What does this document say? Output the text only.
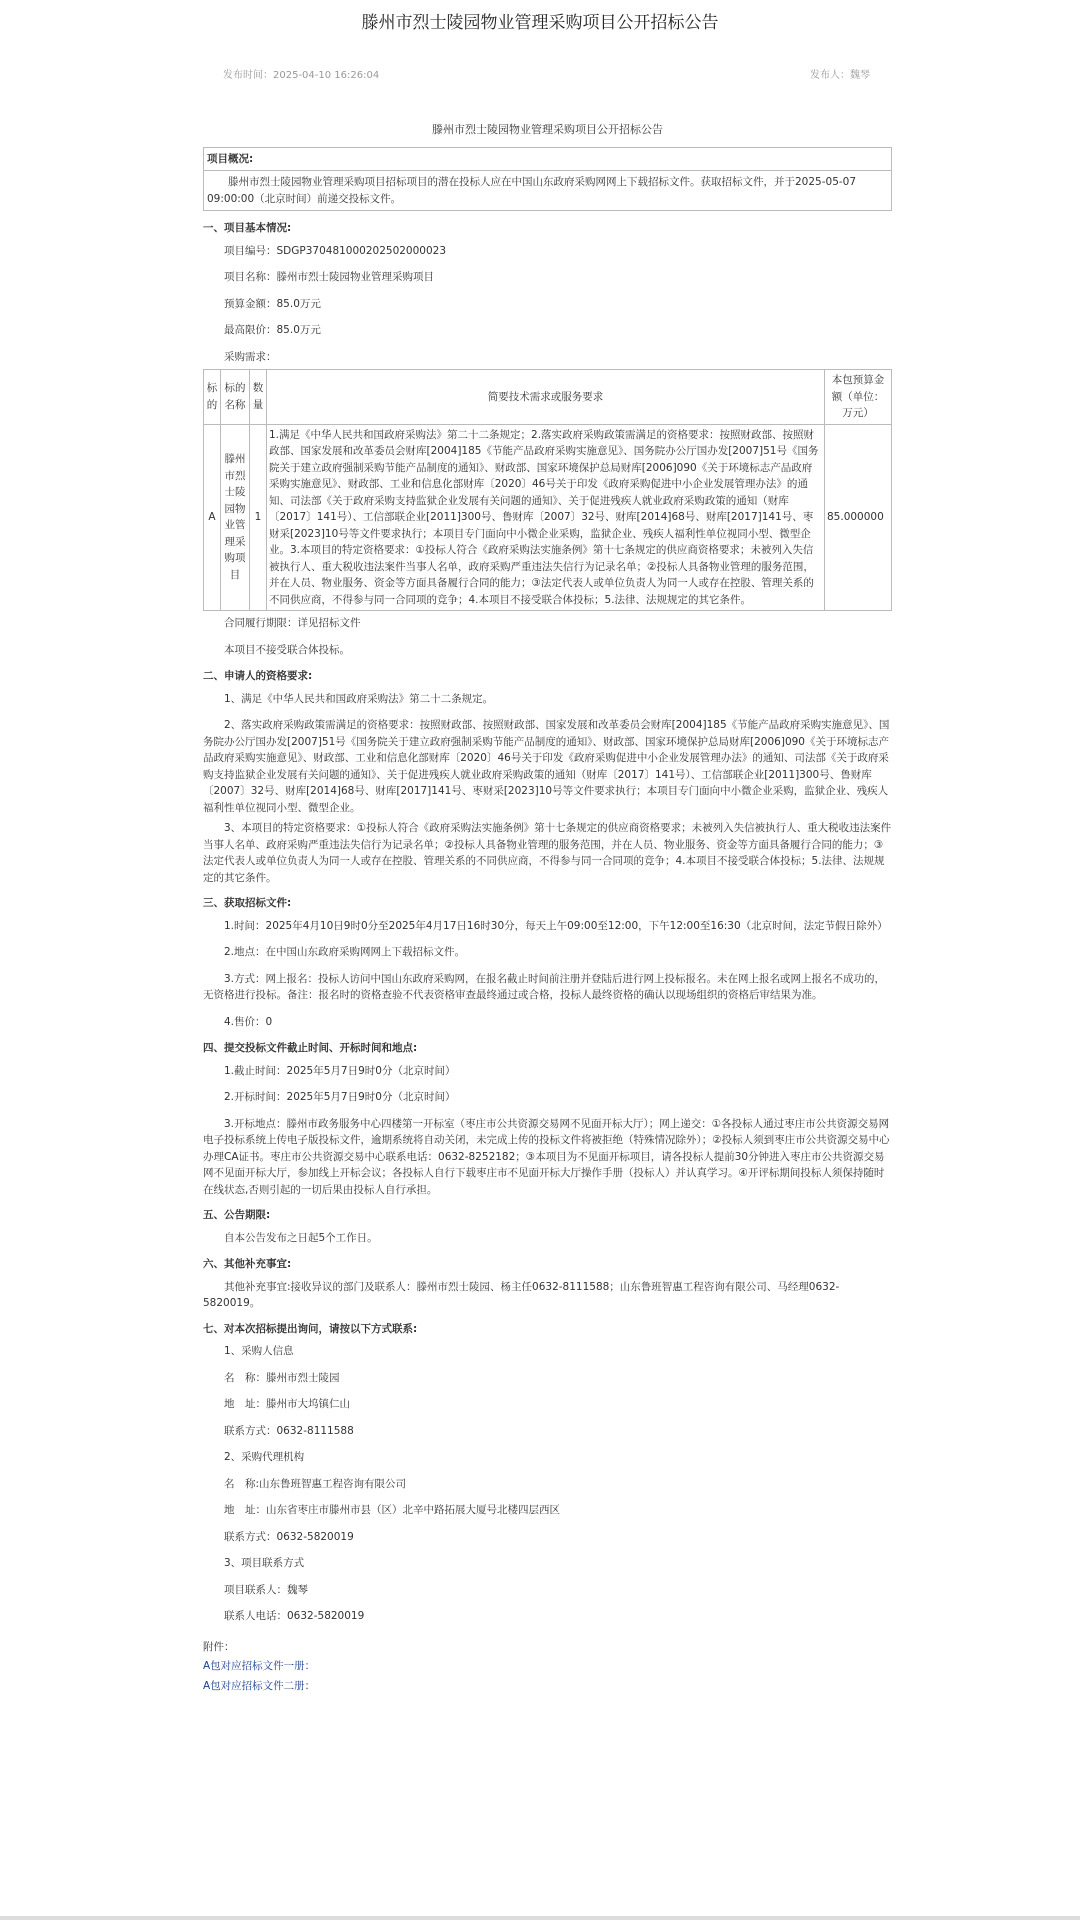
滕州市烈士陵园物业管理采购项目公开招标公告
发布时间：2025-04-10 16:26:04	发布人：魏琴
滕州市烈士陵园物业管理采购项目公开招标公告
项目概况:
滕州市烈士陵园物业管理采购项目招标项目的潜在投标人应在中国山东政府采购网网上下载招标文件。获取招标文件，并于2025-05-07 09:00:00（北京时间）前递交投标文件。
一、项目基本情况:
项目编号：SDGP370481000202502000023
项目名称：滕州市烈士陵园物业管理采购项目
预算金额：85.0万元
最高限价：85.0万元
采购需求：
标的	标的名称	数量	简要技术需求或服务要求	本包预算金额（单位：万元）
A	滕州市烈士陵园物业管理采购项目	1	1.满足《中华人民共和国政府采购法》第二十二条规定；2.落实政府采购政策需满足的资格要求：按照财政部、按照财政部、国家发展和改革委员会财库[2004]185《节能产品政府采购实施意见》、国务院办公厅国办发[2007]51号《国务院关于建立政府强制采购节能产品制度的通知》、财政部、国家环境保护总局财库[2006]090《关于环境标志产品政府采购实施意见》、财政部、工业和信息化部财库〔2020〕46号关于印发《政府采购促进中小企业发展管理办法》的通知、司法部《关于政府采购支持监狱企业发展有关问题的通知》、关于促进残疾人就业政府采购政策的通知（财库〔2017〕141号）、工信部联企业[2011]300号、鲁财库〔2007〕32号、财库[2014]68号、财库[2017]141号、枣财采[2023]10号等文件要求执行；本项目专门面向中小微企业采购，监狱企业、残疾人福利性单位视同小型、微型企业。3.本项目的特定资格要求：①投标人符合《政府采购法实施条例》第十七条规定的供应商资格要求；未被列入失信被执行人、重大税收违法案件当事人名单，政府采购严重违法失信行为记录名单；②投标人具备物业管理的服务范围，并在人员、物业服务、资金等方面具备履行合同的能力；③法定代表人或单位负责人为同一人或存在控股、管理关系的不同供应商，不得参与同一合同项的竞争；4.本项目不接受联合体投标；5.法律、法规规定的其它条件。	85.000000
合同履行期限：详见招标文件
本项目不接受联合体投标。
二、申请人的资格要求:
1、满足《中华人民共和国政府采购法》第二十二条规定。
2、落实政府采购政策需满足的资格要求：按照财政部、按照财政部、国家发展和改革委员会财库[2004]185《节能产品政府采购实施意见》、国务院办公厅国办发[2007]51号《国务院关于建立政府强制采购节能产品制度的通知》、财政部、国家环境保护总局财库[2006]090《关于环境标志产品政府采购实施意见》、财政部、工业和信息化部财库〔2020〕46号关于印发《政府采购促进中小企业发展管理办法》的通知、司法部《关于政府采购支持监狱企业发展有关问题的通知》、关于促进残疾人就业政府采购政策的通知（财库〔2017〕141号）、工信部联企业[2011]300号、鲁财库〔2007〕32号、财库[2014]68号、财库[2017]141号、枣财采[2023]10号等文件要求执行；本项目专门面向中小微企业采购，监狱企业、残疾人福利性单位视同小型、微型企业。
3、本项目的特定资格要求：①投标人符合《政府采购法实施条例》第十七条规定的供应商资格要求；未被列入失信被执行人、重大税收违法案件当事人名单、政府采购严重违法失信行为记录名单；②投标人具备物业管理的服务范围，并在人员、物业服务、资金等方面具备履行合同的能力；③法定代表人或单位负责人为同一人或存在控股、管理关系的不同供应商，不得参与同一合同项的竞争；4.本项目不接受联合体投标；5.法律、法规规定的其它条件。
三、获取招标文件:
1.时间：2025年4月10日9时0分至2025年4月17日16时30分，每天上午09:00至12:00，下午12:00至16:30（北京时间，法定节假日除外）
2.地点：在中国山东政府采购网网上下载招标文件。
3.方式：网上报名：投标人访问中国山东政府采购网，在报名截止时间前注册并登陆后进行网上投标报名。未在网上报名或网上报名不成功的，无资格进行投标。备注：报名时的资格查验不代表资格审查最终通过或合格，投标人最终资格的确认以现场组织的资格后审结果为准。
4.售价：0
四、提交投标文件截止时间、开标时间和地点:
1.截止时间：2025年5月7日9时0分（北京时间）
2.开标时间：2025年5月7日9时0分（北京时间）
3.开标地点：滕州市政务服务中心四楼第一开标室（枣庄市公共资源交易网不见面开标大厅）；网上递交：①各投标人通过枣庄市公共资源交易网电子投标系统上传电子版投标文件，逾期系统将自动关闭，未完成上传的投标文件将被拒绝（特殊情况除外）；②投标人须到枣庄市公共资源交易中心办理CA证书。枣庄市公共资源交易中心联系电话：0632-8252182；③本项目为不见面开标项目，请各投标人提前30分钟进入枣庄市公共资源交易网不见面开标大厅，参加线上开标会议；各投标人自行下载枣庄市不见面开标大厅操作手册（投标人）并认真学习。④开评标期间投标人须保持随时在线状态,否则引起的一切后果由投标人自行承担。
五、公告期限:
自本公告发布之日起5个工作日。
六、其他补充事宜:
其他补充事宜:接收异议的部门及联系人：滕州市烈士陵园、杨主任0632-8111588；山东鲁班智惠工程咨询有限公司、马经理0632-5820019。
七、对本次招标提出询问，请按以下方式联系:
1、采购人信息
名　称：滕州市烈士陵园
地　址：滕州市大坞镇仁山
联系方式：0632-8111588
2、采购代理机构
名　称:山东鲁班智惠工程咨询有限公司
地　址：山东省枣庄市滕州市县（区）北辛中路拓展大厦号北楼四层西区
联系方式：0632-5820019
3、项目联系方式
项目联系人：魏琴
联系人电话：0632-5820019
附件：
A包对应招标文件一册：
A包对应招标文件二册：
